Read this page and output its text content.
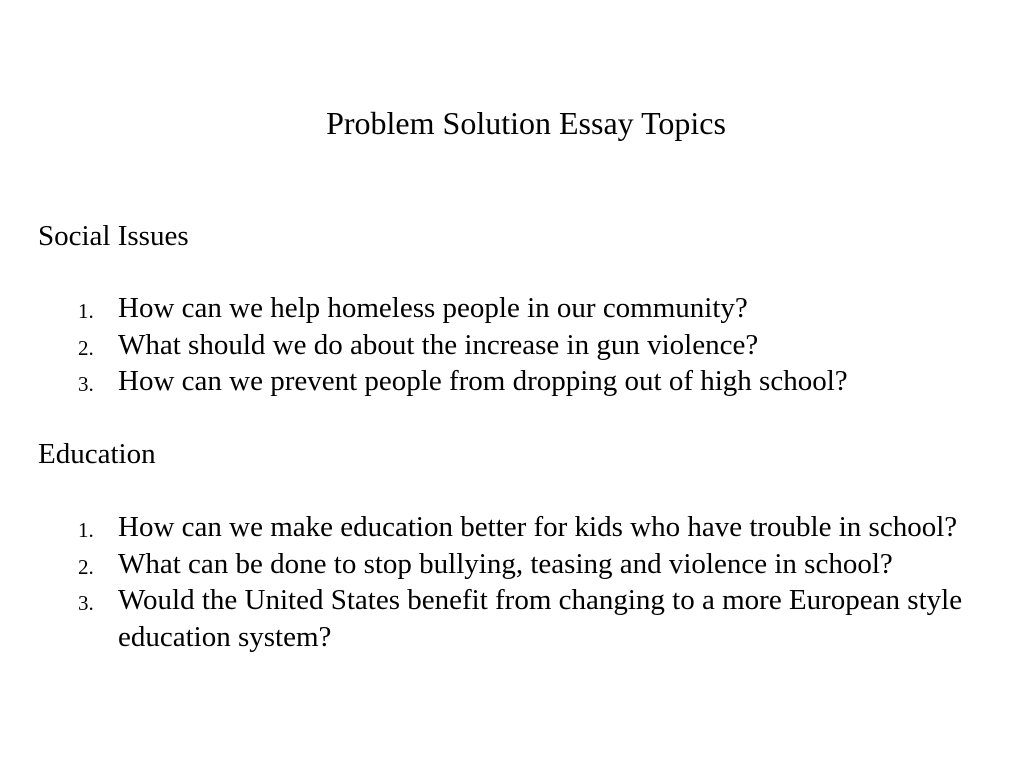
Problem Solution Essay Topics
Social Issues
1. How can we help homeless people in our community?
2. What should we do about the increase in gun violence?
3. How can we prevent people from dropping out of high school?
Education
1. How can we make education better for kids who have trouble in school?
2. What can be done to stop bullying, teasing and violence in school?
3. Would the United States benefit from changing to a more European style education system?
